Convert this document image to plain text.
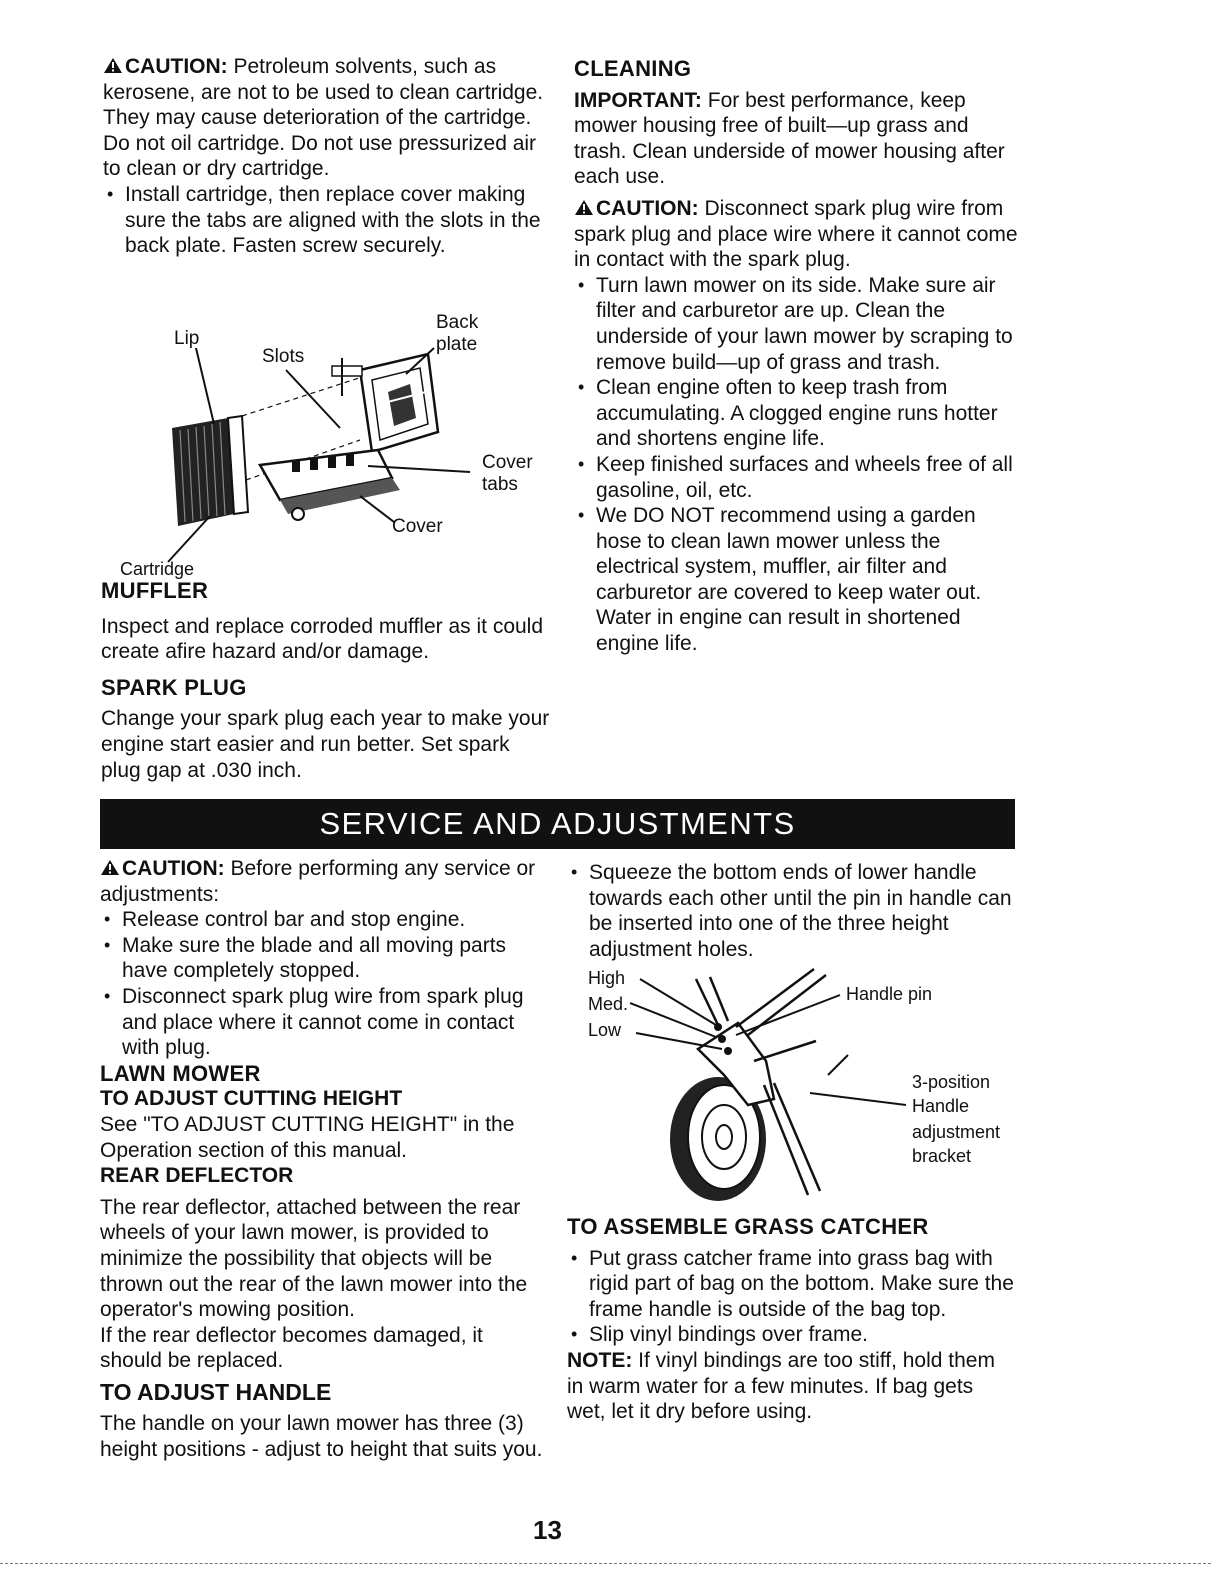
CAUTION: Petroleum solvents, such as kerosene, are not to be used to clean cartridge. They may cause deterioration of the cartridge. Do not oil cartridge. Do not use pressurized air to clean or dry cartridge.

• Install cartridge, then replace cover making sure the tabs are aligned with the slots in the back plate. Fasten screw securely.
Lip
Slots
Back plate
Cover tabs
Cover
Cartridge

MUFFLER

Inspect and replace corroded muffler as it could create afire hazard and/or damage.

SPARK PLUG

Change your spark plug each year to make your engine start easier and run better. Set spark plug gap at .030 inch.

CLEANING

IMPORTANT: For best performance, keep mower housing free of built—up grass and trash. Clean underside of mower housing after each use.

CAUTION: Disconnect spark plug wire from spark plug and place wire where it cannot come in contact with the spark plug.

• Turn lawn mower on its side. Make sure air filter and carburetor are up. Clean the underside of your lawn mower by scraping to remove build—up of grass and trash.
• Clean engine often to keep trash from accumulating. A clogged engine runs hotter and shortens engine life.
• Keep finished surfaces and wheels free of all gasoline, oil, etc.
• We DO NOT recommend using a garden hose to clean lawn mower unless the electrical system, muffler, air filter and carburetor are covered to keep water out. Water in engine can result in shortened engine life.
SERVICE AND ADJUSTMENTS

CAUTION: Before performing any service or adjustments:

• Release control bar and stop engine.
• Make sure the blade and all moving parts have completely stopped.
• Disconnect spark plug wire from spark plug and place where it cannot come in contact with plug.

LAWN MOWER

TO ADJUST CUTTING HEIGHT

See "TO ADJUST CUTTING HEIGHT" in the Operation section of this manual.

REAR DEFLECTOR

The rear deflector, attached between the rear wheels of your lawn mower, is provided to minimize the possibility that objects will be thrown out the rear of the lawn mower into the operator's mowing position.

If the rear deflector becomes damaged, it should be replaced.

TO ADJUST HANDLE

The handle on your lawn mower has three (3) height positions - adjust to height that suits you.

• Squeeze the bottom ends of lower handle towards each other until the pin in handle can be inserted into one of the three height adjustment holes.
High
Med.
Low
Handle pin
3-position
Handle
adjustment
bracket

TO ASSEMBLE GRASS CATCHER

• Put grass catcher frame into grass bag with rigid part of bag on the bottom. Make sure the frame handle is outside of the bag top.
• Slip vinyl bindings over frame.

NOTE: If vinyl bindings are too stiff, hold them in warm water for a few minutes. If bag gets wet, let it dry before using.

13
